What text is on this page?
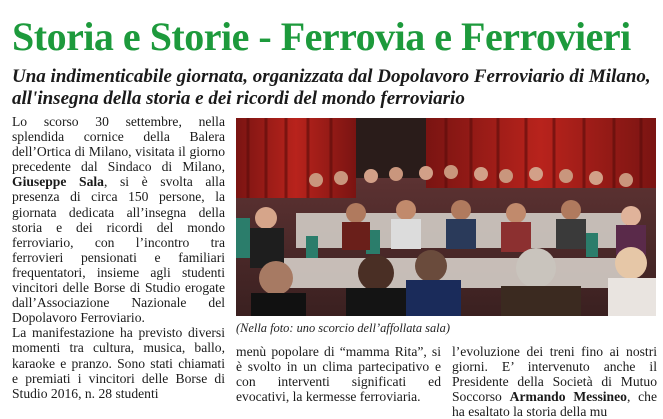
Storia e Storie - Ferrovia e Ferrovieri
Una indimenticabile giornata, organizzata dal Dopolavoro Ferroviario di Milano, all'insegna della storia e dei ricordi del mondo ferroviario

Lo scorso 30 settembre, nella splendida cornice della Balera dell’Ortica di Milano, visitata il giorno precedente dal Sindaco di Milano, Giuseppe Sala, si è svolta alla presenza di circa 150 persone, la giornata dedicata all’insegna della storia e dei ricordi del mondo ferroviario, con l’incontro tra ferrovieri pensionati e familiari frequentatori, insieme agli studenti vincitori delle Borse di Studio erogate dall’Associazione Nazionale del Dopolavoro Ferroviario.

La manifestazione ha previsto diversi momenti tra cultura, musica, ballo, karaoke e pranzo. Sono stati chiamati e premiati i vincitori delle Borse di Studio 2016, n. 28 studenti

(Nella foto: uno scorcio dell’affollata sala)

menù popolare di “mamma Rita”, si è svolto in un clima partecipativo e con interventi significati ed evocativi, la kermesse ferroviaria.

l’evoluzione dei treni fino ai nostri giorni. E’ intervenuto anche il Presidente della Società di Mutuo Soccorso Armando Messineo, che ha esaltato la storia della mu
